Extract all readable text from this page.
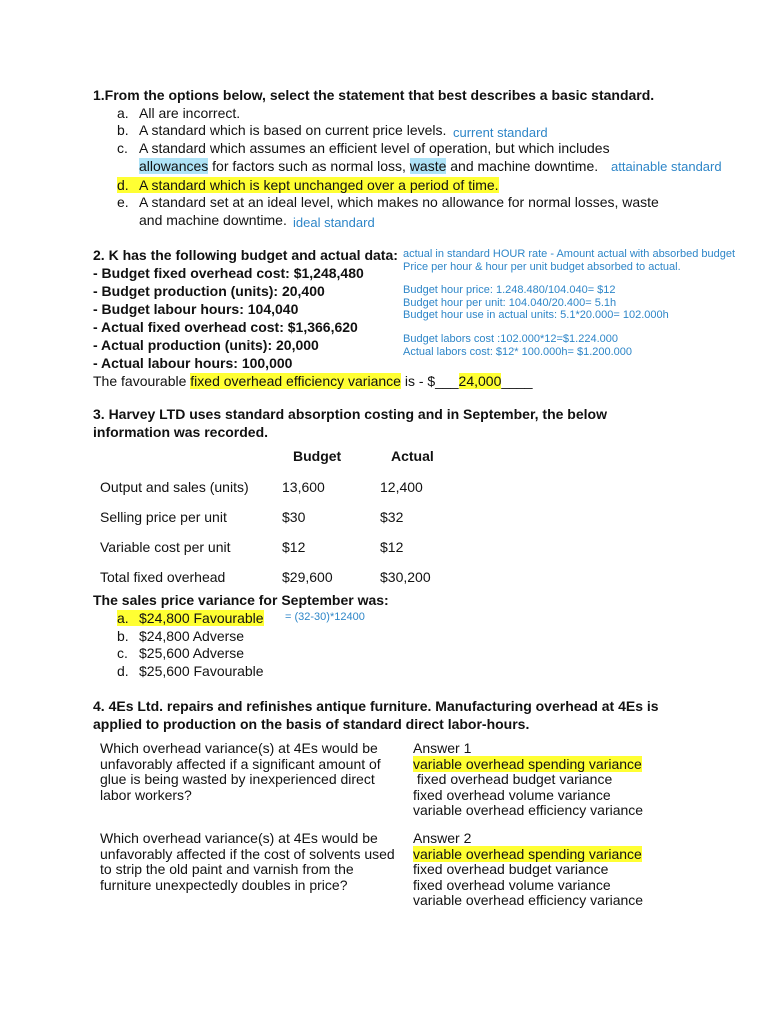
1.From the options below, select the statement that best describes a basic standard.
a. All are incorrect.
b. A standard which is based on current price levels. current standard
c. A standard which assumes an efficient level of operation, but which includes
allowances for factors such as normal loss, waste and machine downtime. attainable standard
d. A standard which is kept unchanged over a period of time.
e. A standard set at an ideal level, which makes no allowance for normal losses, waste
and machine downtime. ideal standard
2. K has the following budget and actual data:
- Budget fixed overhead cost: $1,248,480
- Budget production (units): 20,400
- Budget labour hours: 104,040
- Actual fixed overhead cost: $1,366,620
- Actual production (units): 20,000
- Actual labour hours: 100,000
The favourable fixed overhead efficiency variance is - $___24,000____
actual in standard HOUR rate - Amount actual with absorbed budget
Price per hour & hour per unit budget absorbed to actual.
Budget hour price: 1.248.480/104.040= $12
Budget hour per unit: 104.040/20.400= 5.1h
Budget hour use in actual units: 5.1*20.000= 102.000h
Budget labors cost :102.000*12=$1.224.000
Actual labors cost: $12* 100.000h= $1.200.000
3. Harvey LTD uses standard absorption costing and in September, the below
information was recorded.
Budget	Actual
Output and sales (units) 13,600	12,400
Selling price per unit	$30	$32
Variable cost per unit	$12	$12
Total fixed overhead	$29,600	$30,200
The sales price variance for September was:
a. $24,800 Favourable = (32-30)*12400
b. $24,800 Adverse
c. $25,600 Adverse
d. $25,600 Favourable
4. 4Es Ltd. repairs and refinishes antique furniture. Manufacturing overhead at 4Es is
applied to production on the basis of standard direct labor-hours.
Which overhead variance(s) at 4Es would be
unfavorably affected if a significant amount of
glue is being wasted by inexperienced direct
labor workers?
Answer 1
variable overhead spending variance
fixed overhead budget variance
fixed overhead volume variance
variable overhead efficiency variance
Which overhead variance(s) at 4Es would be
unfavorably affected if the cost of solvents used
to strip the old paint and varnish from the
furniture unexpectedly doubles in price?
Answer 2
variable overhead spending variance
fixed overhead budget variance
fixed overhead volume variance
variable overhead efficiency variance
